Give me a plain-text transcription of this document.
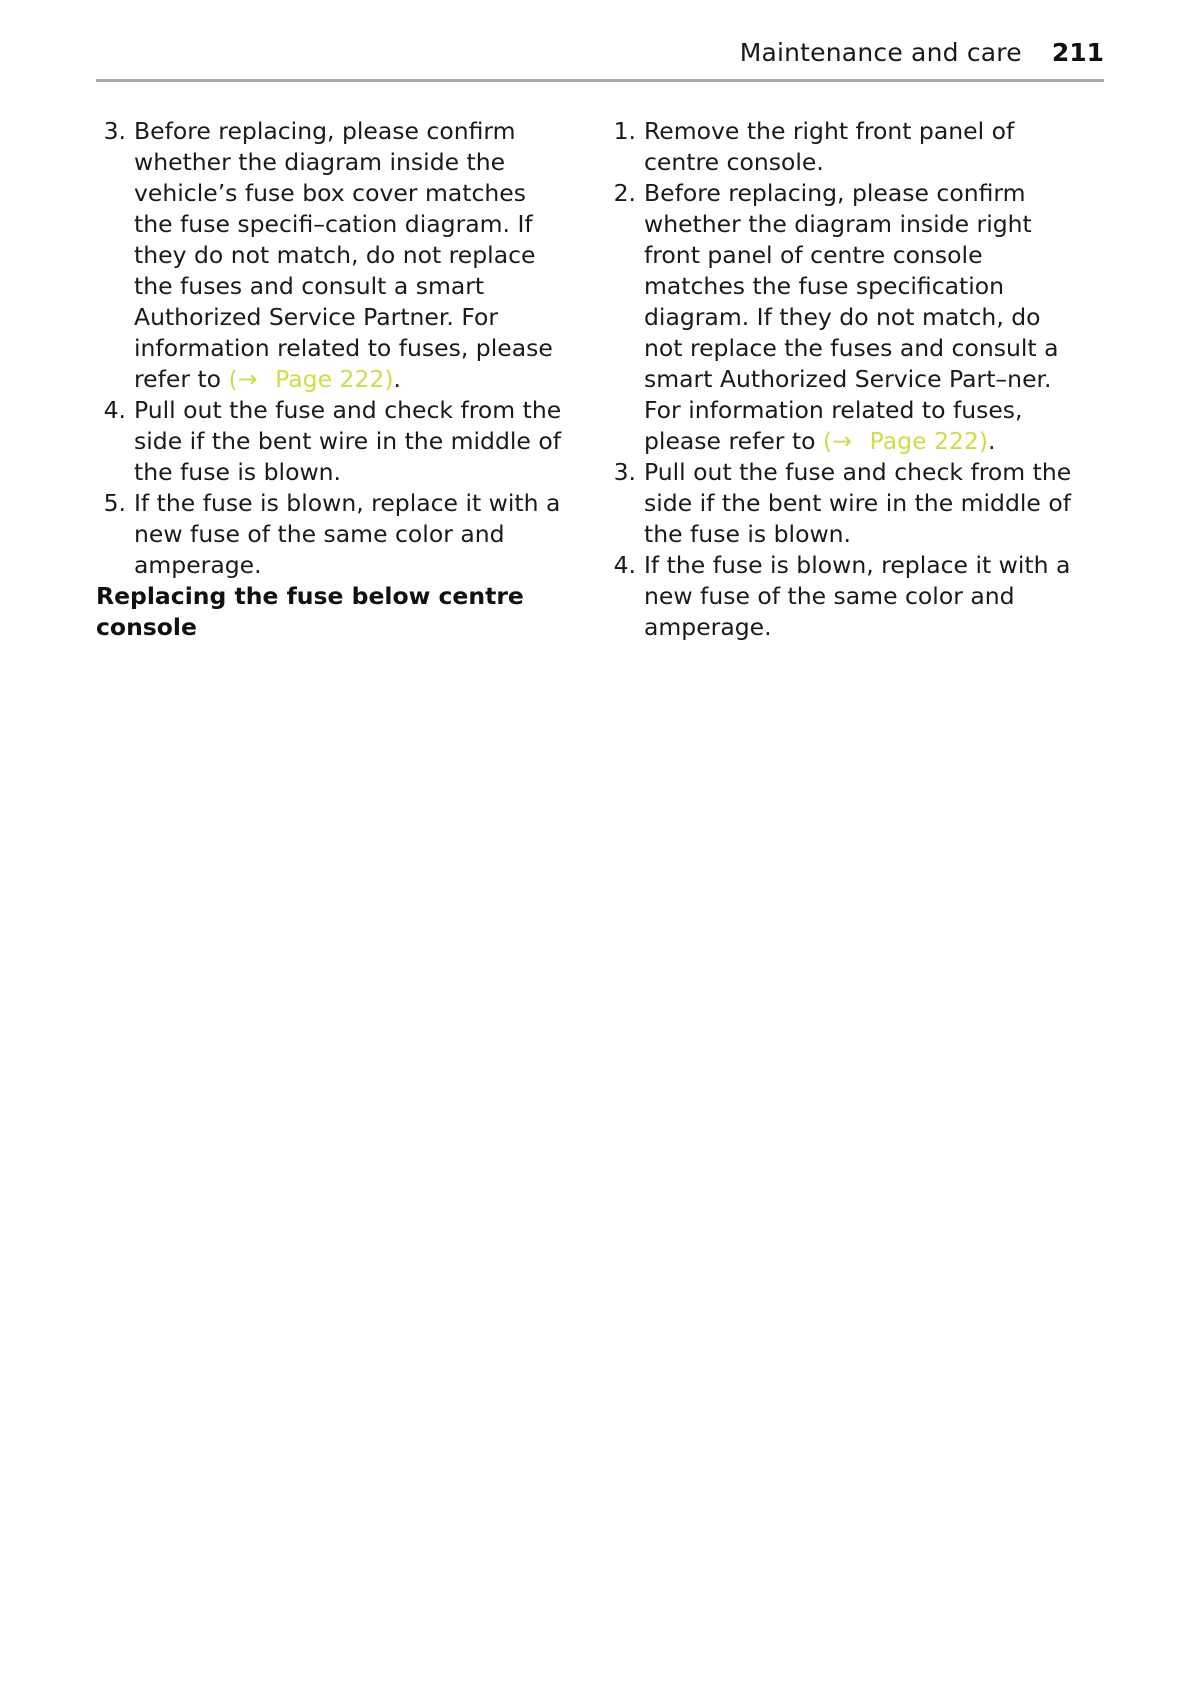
Maintenance and care 211
3. Before replacing, please confirm whether the diagram inside the vehicle’s fuse box cover matches the fuse specifi–cation diagram. If they do not match, do not replace the fuses and consult a smart Authorized Service Partner. For information related to fuses, please refer to (→  Page 222).
4. Pull out the fuse and check from the side if the bent wire in the middle of the fuse is blown.
5. If the fuse is blown, replace it with a new fuse of the same color and amperage.

Replacing the fuse below centre console

1. Remove the right front panel of centre console.
2. Before replacing, please confirm whether the diagram inside right front panel of centre console matches the fuse specification diagram. If they do not match, do not replace the fuses and consult a smart Authorized Service Part–ner. For information related to fuses, please refer to (→  Page 222).
3. Pull out the fuse and check from the side if the bent wire in the middle of the fuse is blown.
4. If the fuse is blown, replace it with a new fuse of the same color and amperage.
